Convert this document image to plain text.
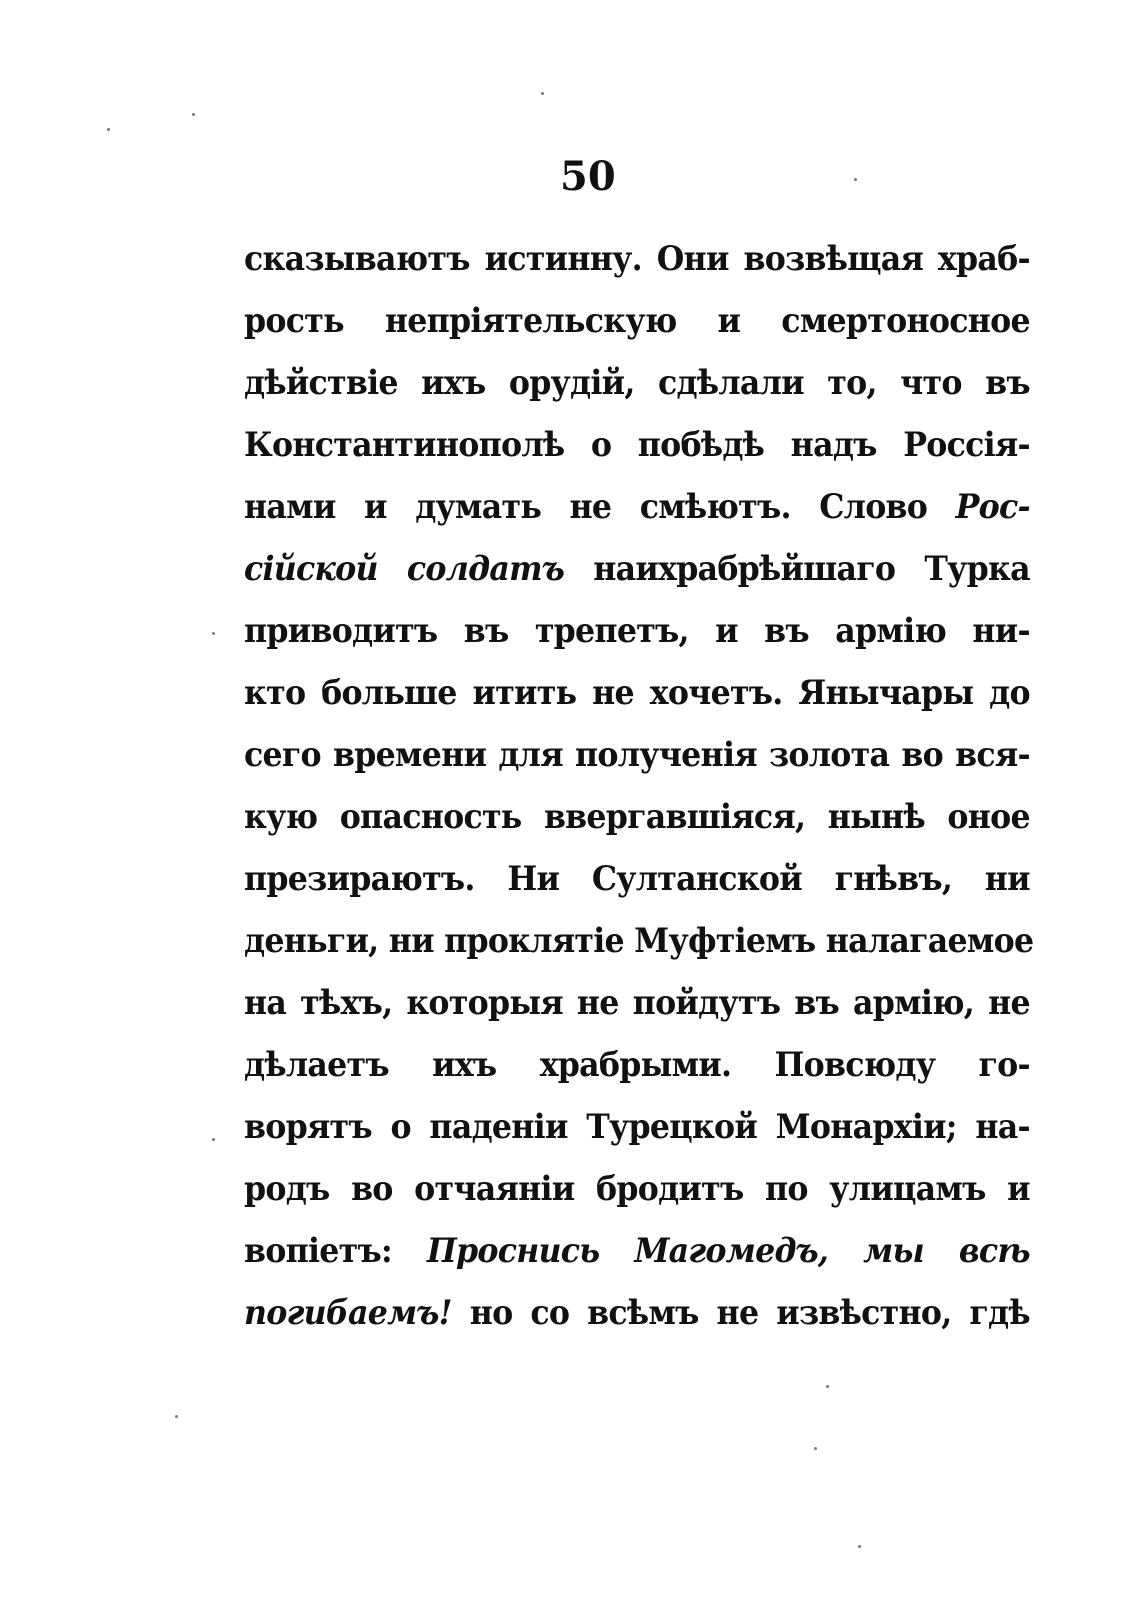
50
сказываютъ истинну. Они возвѣщая храб-
рость непріятельскую и смертоносное
дѣйствіе ихъ орудій, сдѣлали то, что въ
Константинополѣ о побѣдѣ надъ Россія-
нами и думать не смѣютъ. Слово Рос-
сійской солдатъ наихрабрѣйшаго Турка
приводитъ въ трепетъ, и въ армію ни-
кто больше итить не хочетъ. Янычары до
сего времени для полученія золота во вся-
кую опасность ввергавшіяся, нынѣ оное
презираютъ. Ни Султанской гнѣвъ, ни
деньги, ни проклятіе Муфтіемъ налагаемое
на тѣхъ, которыя не пойдутъ въ армію, не
дѣлаетъ ихъ храбрыми. Повсюду го-
ворятъ о паденіи Турецкой Монархіи; на-
родъ во отчаяніи бродитъ по улицамъ и
вопіетъ: Проснись Магомедъ, мы всѣ
погибаемъ! но со всѣмъ не извѣстно, гдѣ
